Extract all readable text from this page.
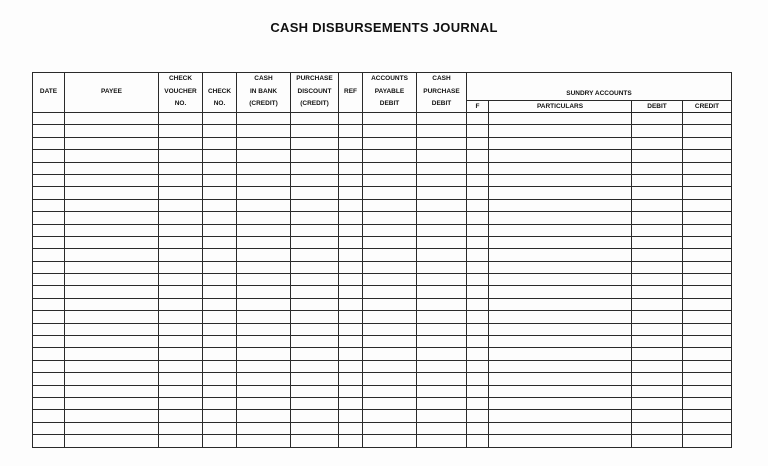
CASH DISBURSEMENTS JOURNAL
DATE	PAYEE	CHECK
VOUCHER
NO.	CHECK
NO.	CASH
IN BANK
(CREDIT)	PURCHASE
DISCOUNT
(CREDIT)	REF	ACCOUNTS
PAYABLE
DEBIT	CASH
PURCHASE
DEBIT	SUNDRY ACCOUNTS			
									F	PARTICULARS	DEBIT	CREDIT
